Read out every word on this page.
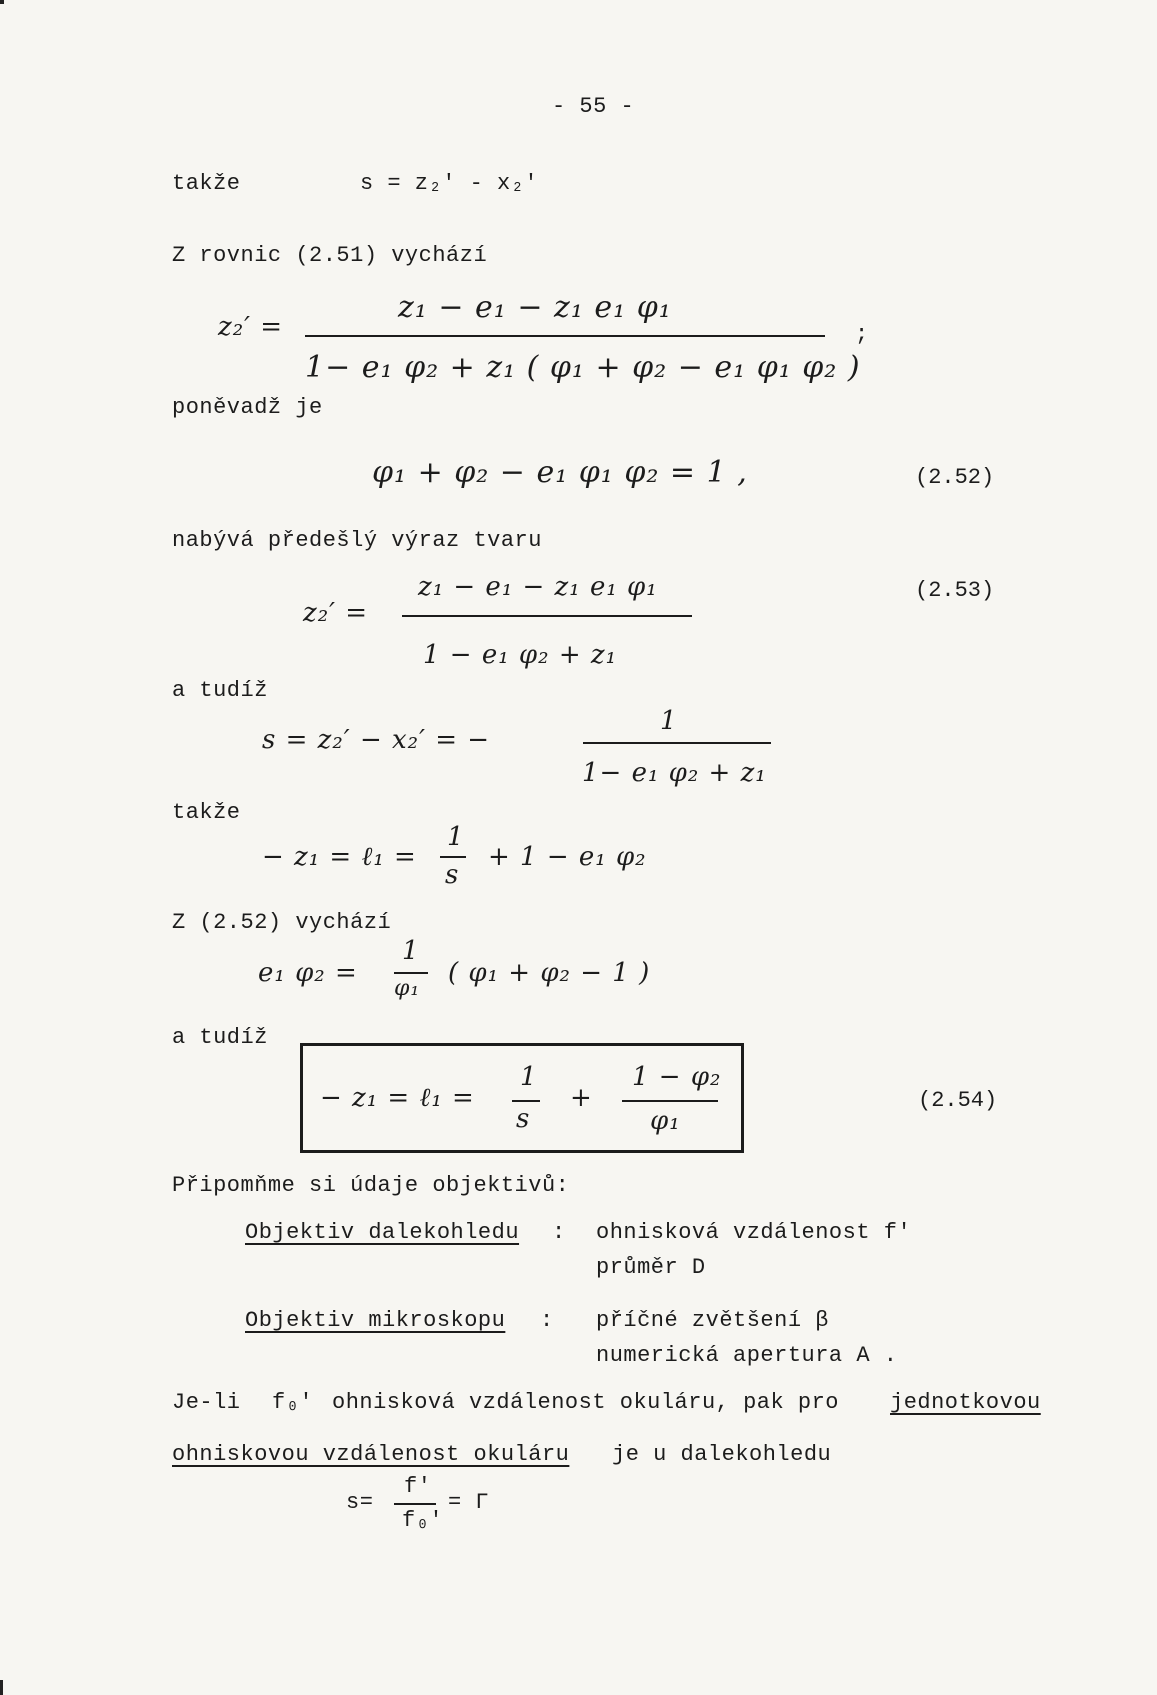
- 55 -
takže	s = z₂′ - x₂′
Z rovnic (2.51) vychází
z₂′ =
z₁ − e₁ − z₁ e₁ φ₁
1− e₁ φ₂ + z₁ ( φ₁ + φ₂ − e₁ φ₁ φ₂ )
;
poněvadž je
φ₁ + φ₂ − e₁ φ₁ φ₂ = 1 ,	(2.52)
nabývá předešlý výraz tvaru
z₂′ =
z₁ − e₁ − z₁ e₁ φ₁
1 − e₁ φ₂ + z₁
(2.53)
a tudíž
s = z₂′ − x₂′ = −
1
1− e₁ φ₂ + z₁
takže
− z₁ = ℓ₁ =
1
s
+ 1 − e₁ φ₂
Z (2.52) vychází
e₁ φ₂ =
1
φ₁
( φ₁ + φ₂ − 1 )
a tudíž
− z₁ = ℓ₁ =
1
s
+
1 − φ₂
φ₁
(2.54)
Připomňme si údaje objektivů:
Objektiv dalekohledu : ohnisková vzdálenost f′
průměr D
Objektiv mikroskopu : příčné zvětšení β
numerická apertura A .
Je-li f₀′ ohnisková vzdálenost okuláru, pak pro jednotkovou
ohniskovou vzdálenost okuláru je u dalekohledu
s=
f′
f₀′
= Γ
